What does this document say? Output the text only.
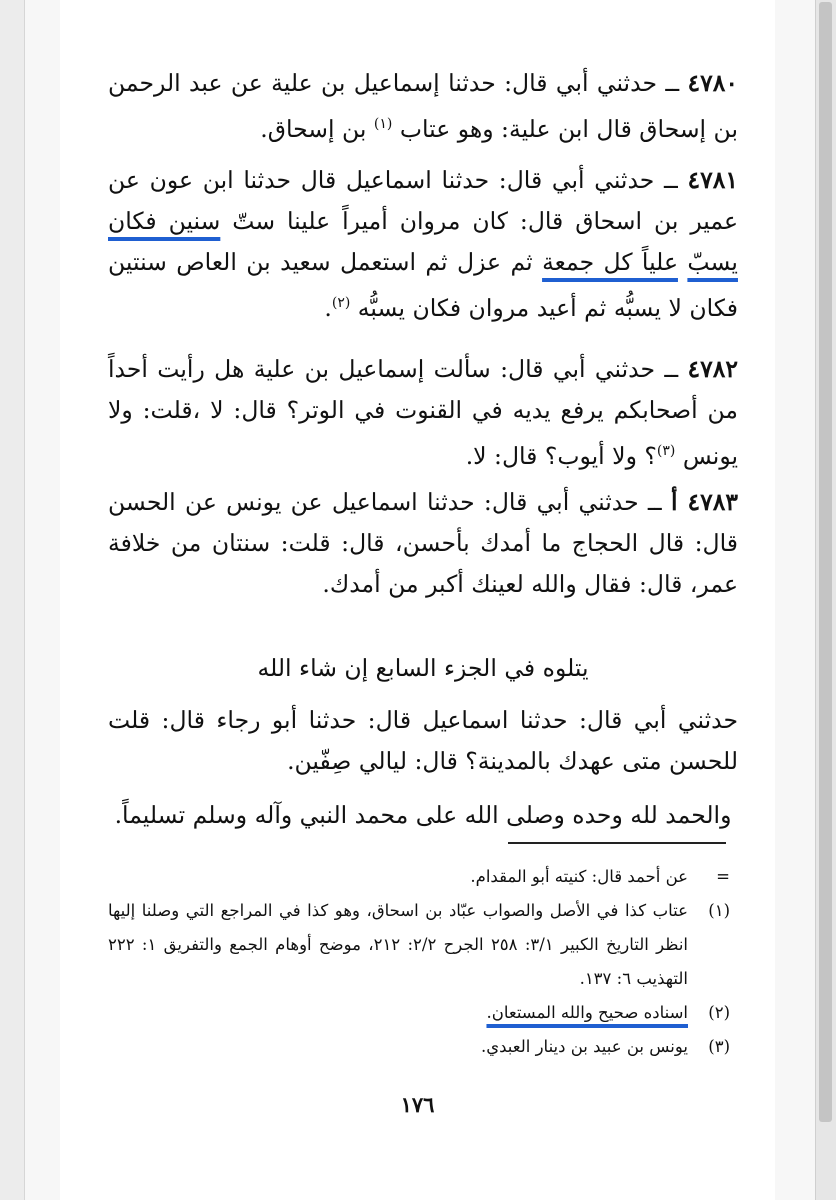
٤٧٨٠ ــ حدثني أبي قال: حدثنا إسماعيل بن علية عن عبد الرحمن بن إسحاق قال ابن علية: وهو عتاب $^{(١)}$ بن إسحاق.

٤٧٨١ ــ حدثني أبي قال: حدثنا اسماعيل قال حدثنا ابن عون عن عمير بن اسحاق قال: كان مروان أميراً علينا ستّ سنين فكان يسبّ علياً كل جمعة ثم عزل ثم استعمل سعيد بن العاص سنتين فكان لا يسبُّه ثم أعيد مروان فكان يسبُّه $^{(٢)}$.

٤٧٨٢ ــ حدثني أبي قال: سألت إسماعيل بن علية هل رأيت أحداً من أصحابكم يرفع يديه في القنوت في الوتر؟ قال: لا ،قلت: ولا يونس $^{(٣)}$؟ ولا أيوب؟ قال: لا.

٤٧٨٣ أ ــ حدثني أبي قال: حدثنا اسماعيل عن يونس عن الحسن قال: قال الحجاج ما أمدك بأحسن، قال: قلت: سنتان من خلافة عمر، قال: فقال والله لعينك أكبر من أمدك.

يتلوه في الجزء السابع إن شاء الله
حدثني أبي قال: حدثنا اسماعيل قال: حدثنا أبو رجاء قال: قلت للحسن متى عهدك بالمدينة؟ قال: ليالي صِفّين.
والحمد لله وحده وصلى الله على محمد النبي وآله وسلم تسليماً.
=
عن أحمد قال: كنيته أبو المقدام.
(١)
عتاب كذا في الأصل والصواب عبّاد بن اسحاق، وهو كذا في المراجع التي وصلنا إليها انظر التاريخ الكبير ٣/١: ٢٥٨ الجرح ٢/٢: ٢١٢، موضح أوهام الجمع والتفريق ١: ٢٢٢ التهذيب ٦: ١٣٧.
(٢)
اسناده صحيح والله المستعان.
(٣)
يونس بن عبيد بن دينار العبدي.
١٧٦
